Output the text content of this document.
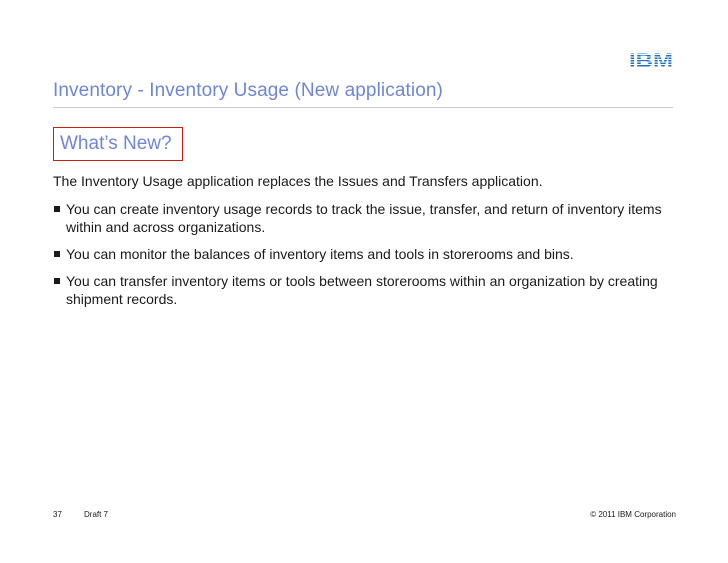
IBM
Inventory - Inventory Usage (New application)
What’s New?
The Inventory Usage application replaces the Issues and Transfers application.
You can create inventory usage records to track the issue, transfer, and return of inventory items within and across organizations.
You can monitor the balances of inventory items and tools in storerooms and bins.
You can transfer inventory items or tools between storerooms within an organization by creating shipment records.
37	Draft 7	© 2011 IBM Corporation
